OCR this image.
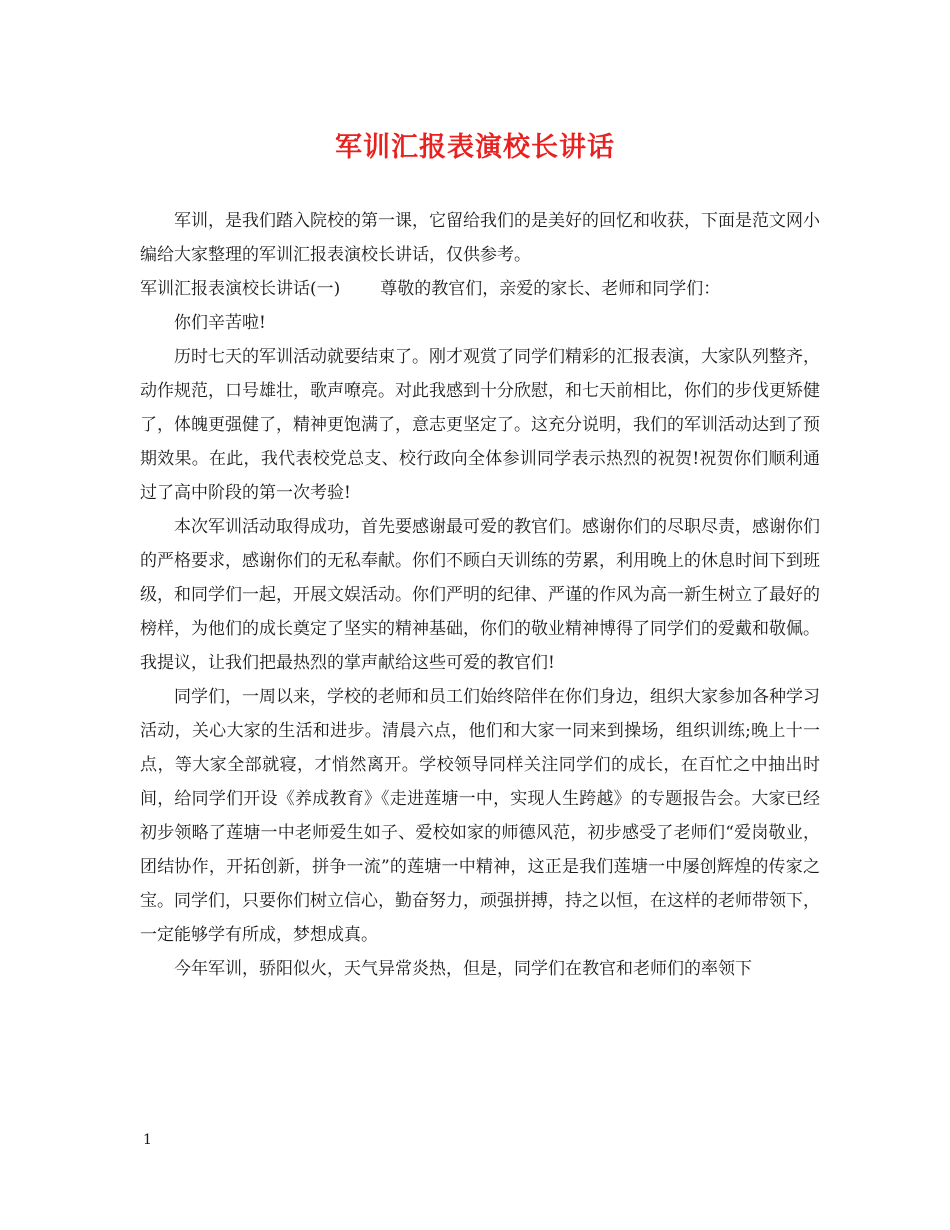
军训汇报表演校长讲话

军训，是我们踏入院校的第一课，它留给我们的是美好的回忆和收获，下面是范文网小编给大家整理的军训汇报表演校长讲话，仅供参考。

军训汇报表演校长讲话(一) 尊敬的教官们，亲爱的家长、老师和同学们：

你们辛苦啦!

历时七天的军训活动就要结束了。刚才观赏了同学们精彩的汇报表演，大家队列整齐，动作规范，口号雄壮，歌声嘹亮。对此我感到十分欣慰，和七天前相比，你们的步伐更矫健了，体魄更强健了，精神更饱满了，意志更坚定了。这充分说明，我们的军训活动达到了预期效果。在此，我代表校党总支、校行政向全体参训同学表示热烈的祝贺!祝贺你们顺利通过了高中阶段的第一次考验!

本次军训活动取得成功，首先要感谢最可爱的教官们。感谢你们的尽职尽责，感谢你们的严格要求，感谢你们的无私奉献。你们不顾白天训练的劳累，利用晚上的休息时间下到班级，和同学们一起，开展文娱活动。你们严明的纪律、严谨的作风为高一新生树立了最好的榜样，为他们的成长奠定了坚实的精神基础，你们的敬业精神博得了同学们的爱戴和敬佩。我提议，让我们把最热烈的掌声献给这些可爱的教官们!

同学们，一周以来，学校的老师和员工们始终陪伴在你们身边，组织大家参加各种学习活动，关心大家的生活和进步。清晨六点，他们和大家一同来到操场，组织训练;晚上十一点，等大家全部就寝，才悄然离开。学校领导同样关注同学们的成长，在百忙之中抽出时间，给同学们开设《养成教育》《走进莲塘一中，实现人生跨越》的专题报告会。大家已经初步领略了莲塘一中老师爱生如子、爱校如家的师德风范，初步感受了老师们“爱岗敬业，团结协作，开拓创新，拼争一流”的莲塘一中精神，这正是我们莲塘一中屡创辉煌的传家之宝。同学们，只要你们树立信心，勤奋努力，顽强拼搏，持之以恒，在这样的老师带领下，一定能够学有所成，梦想成真。

今年军训，骄阳似火，天气异常炎热，但是，同学们在教官和老师们的率领下

1
